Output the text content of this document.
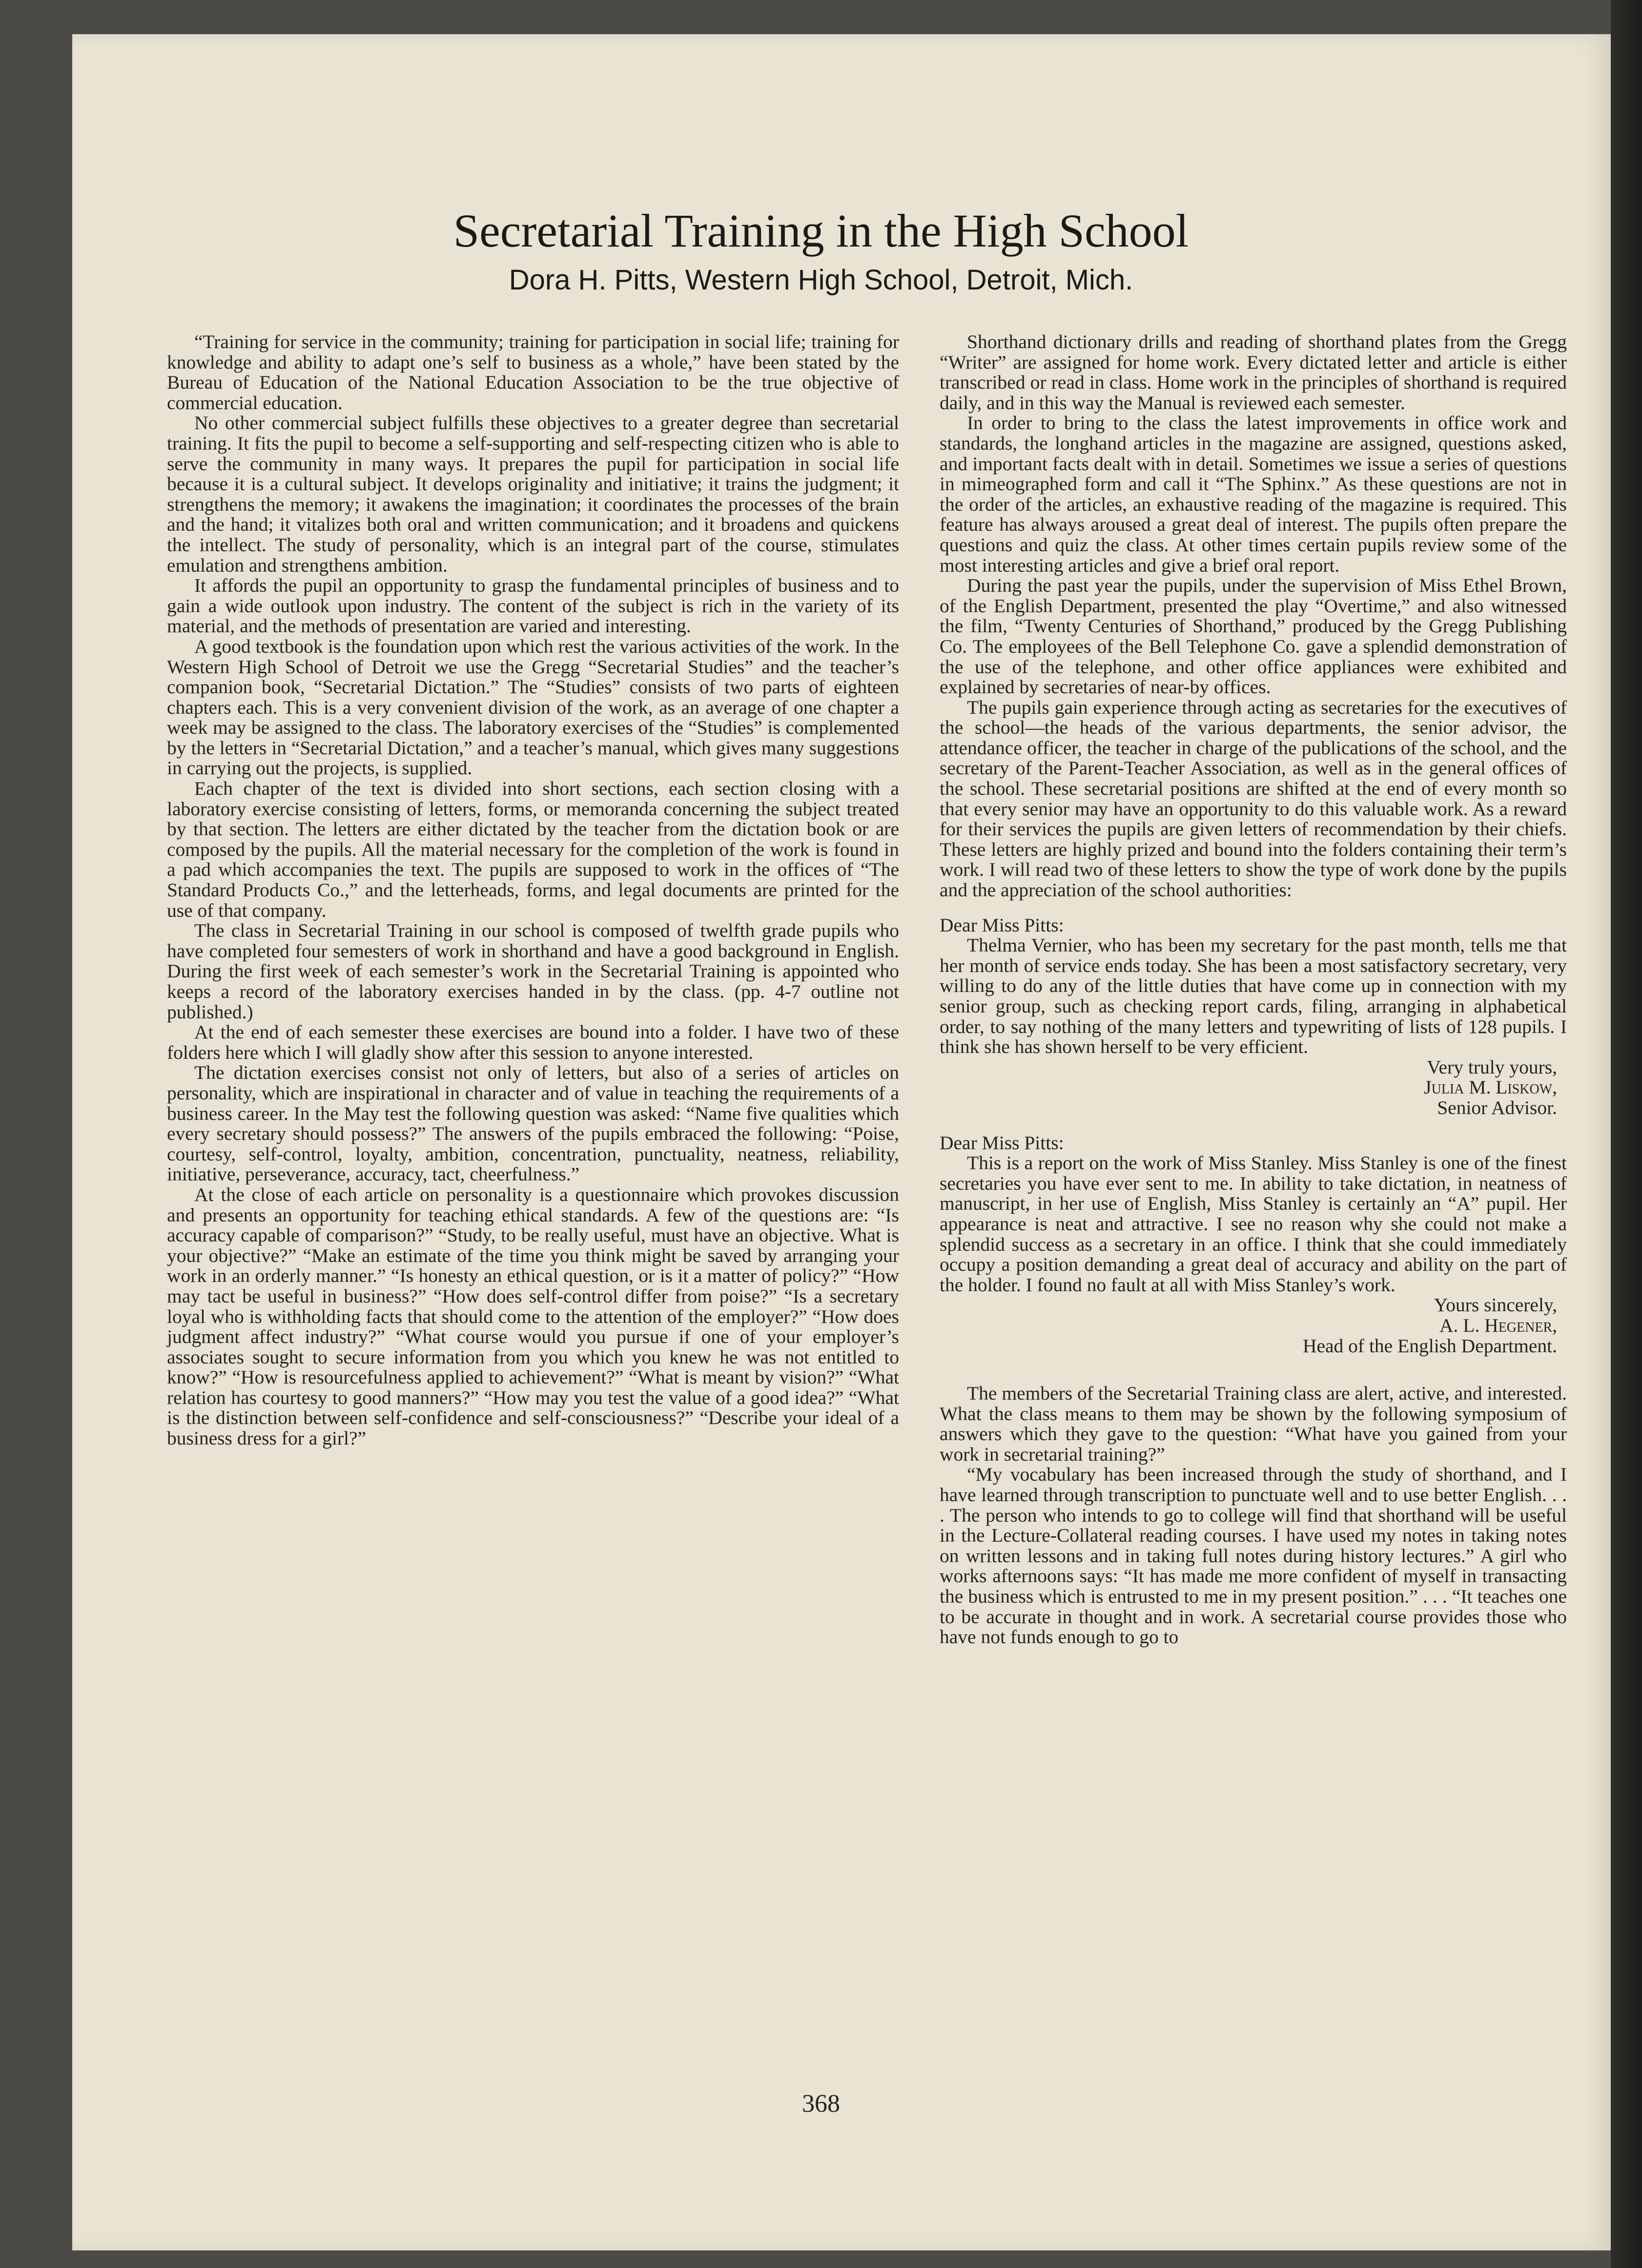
Secretarial Training in the High School
Dora H. Pitts, Western High School, Detroit, Mich.

“Training for service in the community; training for participation in social life; training for knowledge and ability to adapt one’s self to business as a whole,” have been stated by the Bureau of Education of the National Education Association to be the true objective of commercial education.

No other commercial subject fulfills these objectives to a greater degree than secretarial training. It fits the pupil to become a self-supporting and self-respecting citizen who is able to serve the community in many ways. It prepares the pupil for participation in social life because it is a cultural subject. It develops originality and initiative; it trains the judgment; it strengthens the memory; it awakens the imagination; it coordinates the processes of the brain and the hand; it vitalizes both oral and written communication; and it broadens and quickens the intellect. The study of personality, which is an integral part of the course, stimulates emulation and strengthens ambition.

It affords the pupil an opportunity to grasp the fundamental principles of business and to gain a wide outlook upon industry. The content of the subject is rich in the variety of its material, and the methods of presentation are varied and interesting.

A good textbook is the foundation upon which rest the various activities of the work. In the Western High School of Detroit we use the Gregg “Secretarial Studies” and the teacher’s companion book, “Secretarial Dictation.” The “Studies” consists of two parts of eighteen chapters each. This is a very convenient division of the work, as an average of one chapter a week may be assigned to the class. The laboratory exercises of the “Studies” is complemented by the letters in “Secretarial Dictation,” and a teacher’s manual, which gives many suggestions in carrying out the projects, is supplied.

Each chapter of the text is divided into short sections, each section closing with a laboratory exercise consisting of letters, forms, or memoranda concerning the subject treated by that section. The letters are either dictated by the teacher from the dictation book or are composed by the pupils. All the material necessary for the completion of the work is found in a pad which accompanies the text. The pupils are supposed to work in the offices of “The Standard Products Co.,” and the letterheads, forms, and legal documents are printed for the use of that company.

The class in Secretarial Training in our school is composed of twelfth grade pupils who have completed four semesters of work in shorthand and have a good background in English. During the first week of each semester’s work in the Secretarial Training is appointed who keeps a record of the laboratory exercises handed in by the class. (pp. 4-7 outline not published.)

At the end of each semester these exercises are bound into a folder. I have two of these folders here which I will gladly show after this session to anyone interested.

The dictation exercises consist not only of letters, but also of a series of articles on personality, which are inspirational in character and of value in teaching the requirements of a business career. In the May test the following question was asked: “Name five qualities which every secretary should possess?” The answers of the pupils embraced the following: “Poise, courtesy, self-control, loyalty, ambition, concentration, punctuality, neatness, reliability, initiative, perseverance, accuracy, tact, cheerfulness.”

At the close of each article on personality is a questionnaire which provokes discussion and presents an opportunity for teaching ethical standards. A few of the questions are: “Is accuracy capable of comparison?” “Study, to be really useful, must have an objective. What is your objective?” “Make an estimate of the time you think might be saved by arranging your work in an orderly manner.” “Is honesty an ethical question, or is it a matter of policy?” “How may tact be useful in business?” “How does self-control differ from poise?” “Is a secretary loyal who is withholding facts that should come to the attention of the employer?” “How does judgment affect industry?” “What course would you pursue if one of your employer’s associates sought to secure information from you which you knew he was not entitled to know?” “How is resourcefulness applied to achievement?” “What is meant by vision?” “What relation has courtesy to good manners?” “How may you test the value of a good idea?” “What is the distinction between self-confidence and self-consciousness?” “Describe your ideal of a business dress for a girl?”

Shorthand dictionary drills and reading of shorthand plates from the Gregg “Writer” are assigned for home work. Every dictated letter and article is either transcribed or read in class. Home work in the principles of shorthand is required daily, and in this way the Manual is reviewed each semester.

In order to bring to the class the latest improvements in office work and standards, the longhand articles in the magazine are assigned, questions asked, and important facts dealt with in detail. Sometimes we issue a series of questions in mimeographed form and call it “The Sphinx.” As these questions are not in the order of the articles, an exhaustive reading of the magazine is required. This feature has always aroused a great deal of interest. The pupils often prepare the questions and quiz the class. At other times certain pupils review some of the most interesting articles and give a brief oral report.

During the past year the pupils, under the supervision of Miss Ethel Brown, of the English Department, presented the play “Overtime,” and also witnessed the film, “Twenty Centuries of Shorthand,” produced by the Gregg Publishing Co. The employees of the Bell Telephone Co. gave a splendid demonstration of the use of the telephone, and other office appliances were exhibited and explained by secretaries of near-by offices.

The pupils gain experience through acting as secretaries for the executives of the school—the heads of the various departments, the senior advisor, the attendance officer, the teacher in charge of the publications of the school, and the secretary of the Parent-Teacher Association, as well as in the general offices of the school. These secretarial positions are shifted at the end of every month so that every senior may have an opportunity to do this valuable work. As a reward for their services the pupils are given letters of recommendation by their chiefs. These letters are highly prized and bound into the folders containing their term’s work. I will read two of these letters to show the type of work done by the pupils and the appreciation of the school authorities:

Dear Miss Pitts:

Thelma Vernier, who has been my secretary for the past month, tells me that her month of service ends today. She has been a most satisfactory secretary, very willing to do any of the little duties that have come up in connection with my senior group, such as checking report cards, filing, arranging in alphabetical order, to say nothing of the many letters and typewriting of lists of 128 pupils. I think she has shown herself to be very efficient.

Very truly yours,

Julia M. Liskow,

Senior Advisor.

Dear Miss Pitts:

This is a report on the work of Miss Stanley. Miss Stanley is one of the finest secretaries you have ever sent to me. In ability to take dictation, in neatness of manuscript, in her use of English, Miss Stanley is certainly an “A” pupil. Her appearance is neat and attractive. I see no reason why she could not make a splendid success as a secretary in an office. I think that she could immediately occupy a position demanding a great deal of accuracy and ability on the part of the holder. I found no fault at all with Miss Stanley’s work.

Yours sincerely,

A. L. Hegener,

Head of the English Department.

The members of the Secretarial Training class are alert, active, and interested. What the class means to them may be shown by the following symposium of answers which they gave to the question: “What have you gained from your work in secretarial training?”

“My vocabulary has been increased through the study of shorthand, and I have learned through transcription to punctuate well and to use better English. . . . The person who intends to go to college will find that shorthand will be useful in the Lecture-Collateral reading courses. I have used my notes in taking notes on written lessons and in taking full notes during history lectures.” A girl who works afternoons says: “It has made me more confident of myself in transacting the business which is entrusted to me in my present position.” . . . “It teaches one to be accurate in thought and in work. A secretarial course provides those who have not funds enough to go to

368
